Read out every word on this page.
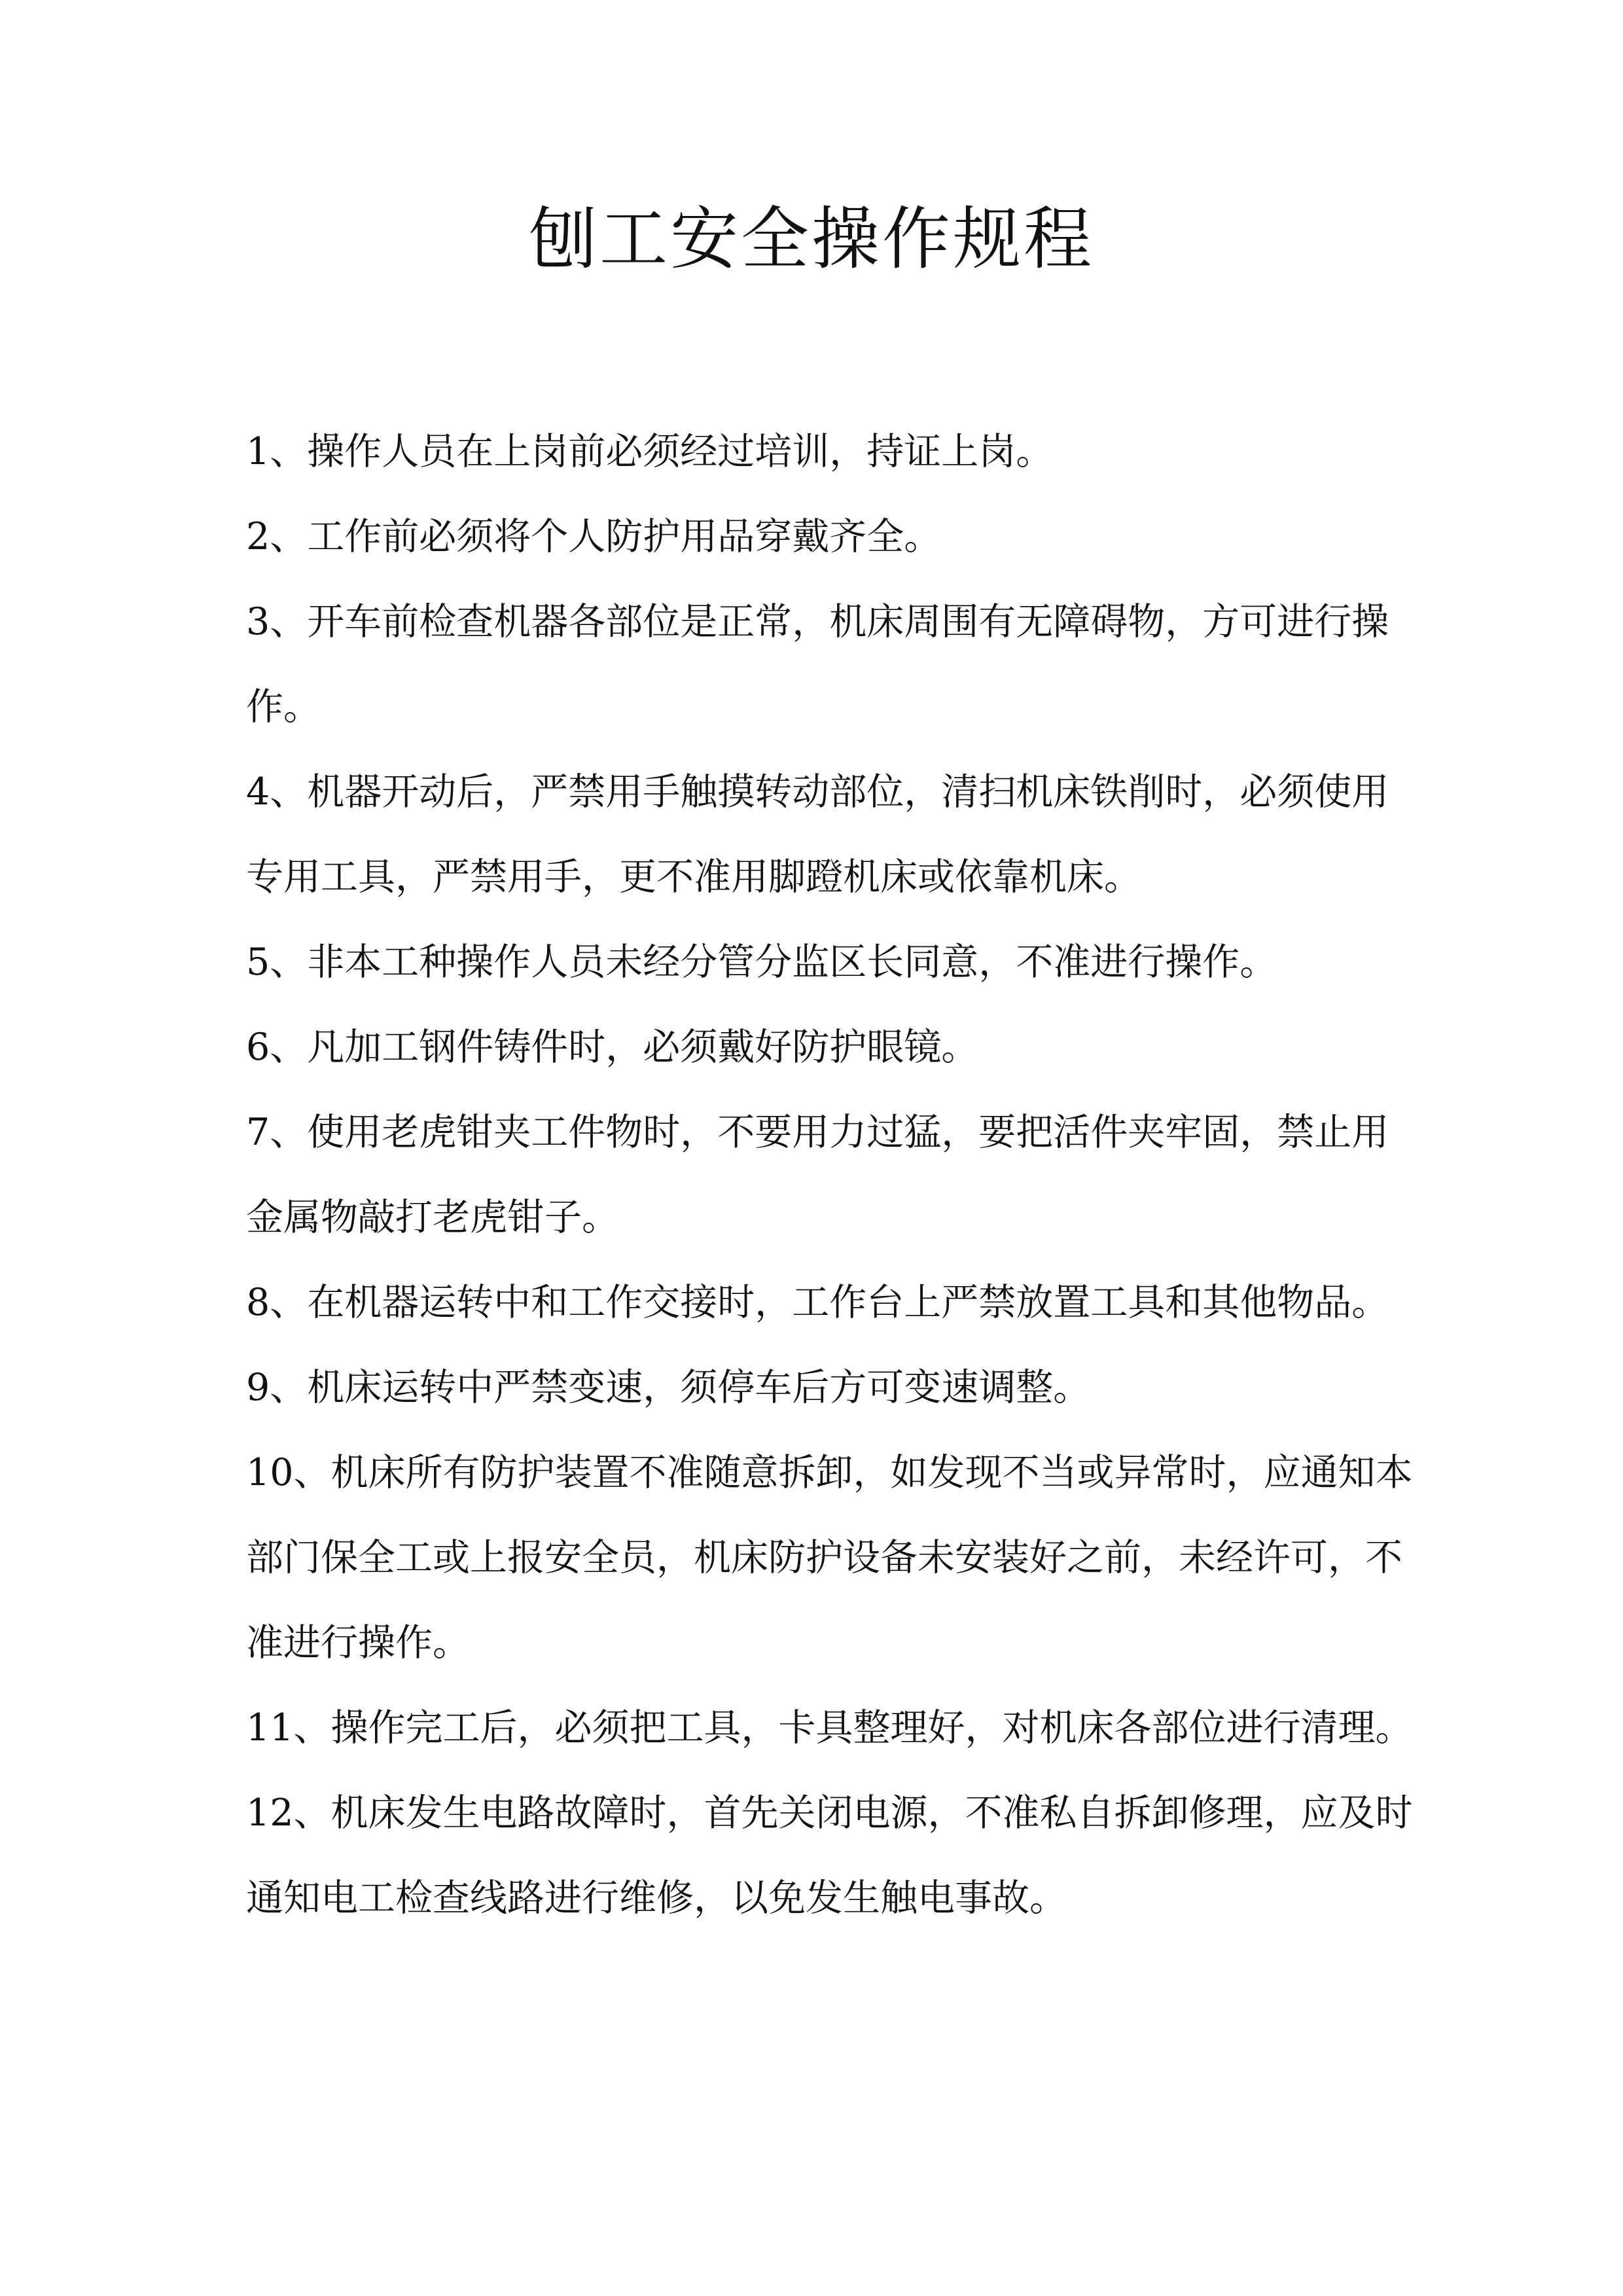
刨工安全操作规程

1、操作人员在上岗前必须经过培训，持证上岗。

2、工作前必须将个人防护用品穿戴齐全。

3、开车前检查机器各部位是正常，机床周围有无障碍物，方可进行操作。

4、机器开动后，严禁用手触摸转动部位，清扫机床铁削时，必须使用专用工具，严禁用手，更不准用脚蹬机床或依靠机床。

5、非本工种操作人员未经分管分监区长同意，不准进行操作。

6、凡加工钢件铸件时，必须戴好防护眼镜。

7、使用老虎钳夹工件物时，不要用力过猛，要把活件夹牢固，禁止用金属物敲打老虎钳子。

8、在机器运转中和工作交接时，工作台上严禁放置工具和其他物品。

9、机床运转中严禁变速，须停车后方可变速调整。

10、机床所有防护装置不准随意拆卸，如发现不当或异常时，应通知本部门保全工或上报安全员，机床防护设备未安装好之前，未经许可，不准进行操作。

11、操作完工后，必须把工具，卡具整理好，对机床各部位进行清理。

12、机床发生电路故障时，首先关闭电源，不准私自拆卸修理，应及时通知电工检查线路进行维修，以免发生触电事故。
